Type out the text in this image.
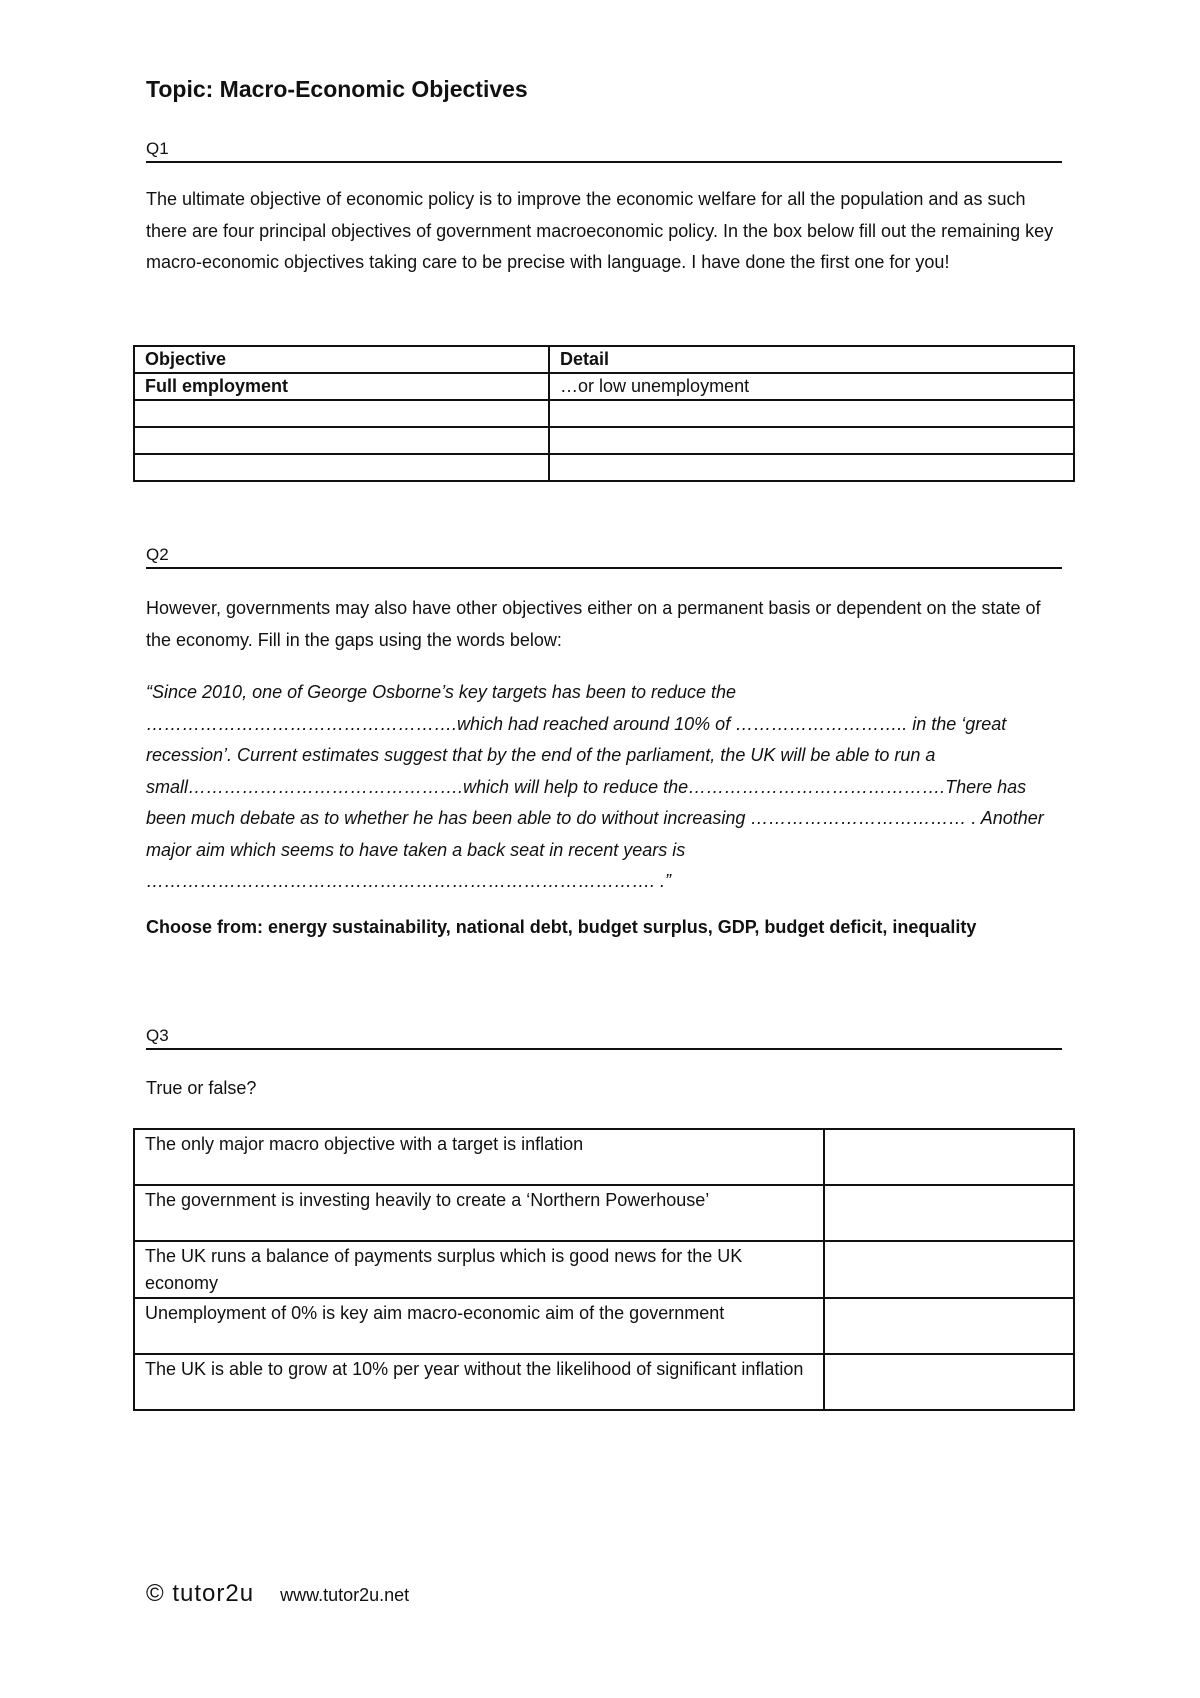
Topic: Macro-Economic Objectives
Q1

The ultimate objective of economic policy is to improve the economic welfare for all the population and as such there are four principal objectives of government macroeconomic policy. In the box below fill out the remaining key macro-economic objectives taking care to be precise with language. I have done the first one for you!

Objective	Detail
Full employment	…or low unemployment

Q2

However, governments may also have other objectives either on a permanent basis or dependent on the state of the economy. Fill in the gaps using the words below:

“Since 2010, one of George Osborne’s key targets has been to reduce the …………………………………………….which had reached around 10% of ……………………….. in the ‘great recession’. Current estimates suggest that by the end of the parliament, the UK will be able to run a small……………………………………….which will help to reduce the…………………………………….There has been much debate as to whether he has been able to do without increasing ……………………………… . Another major aim which seems to have taken a back seat in recent years is …………………………………………………………………………. .”

Choose from: energy sustainability, national debt, budget surplus, GDP, budget deficit, inequality
Q3

True or false?

The only major macro objective with a target is inflation	
The government is investing heavily to create a ‘Northern Powerhouse’	
The UK runs a balance of payments surplus which is good news for the UK economy	
Unemployment of 0% is key aim macro-economic aim of the government	
The UK is able to grow at 10% per year without the likelihood of significant inflation	
© tutor2u www.tutor2u.net
